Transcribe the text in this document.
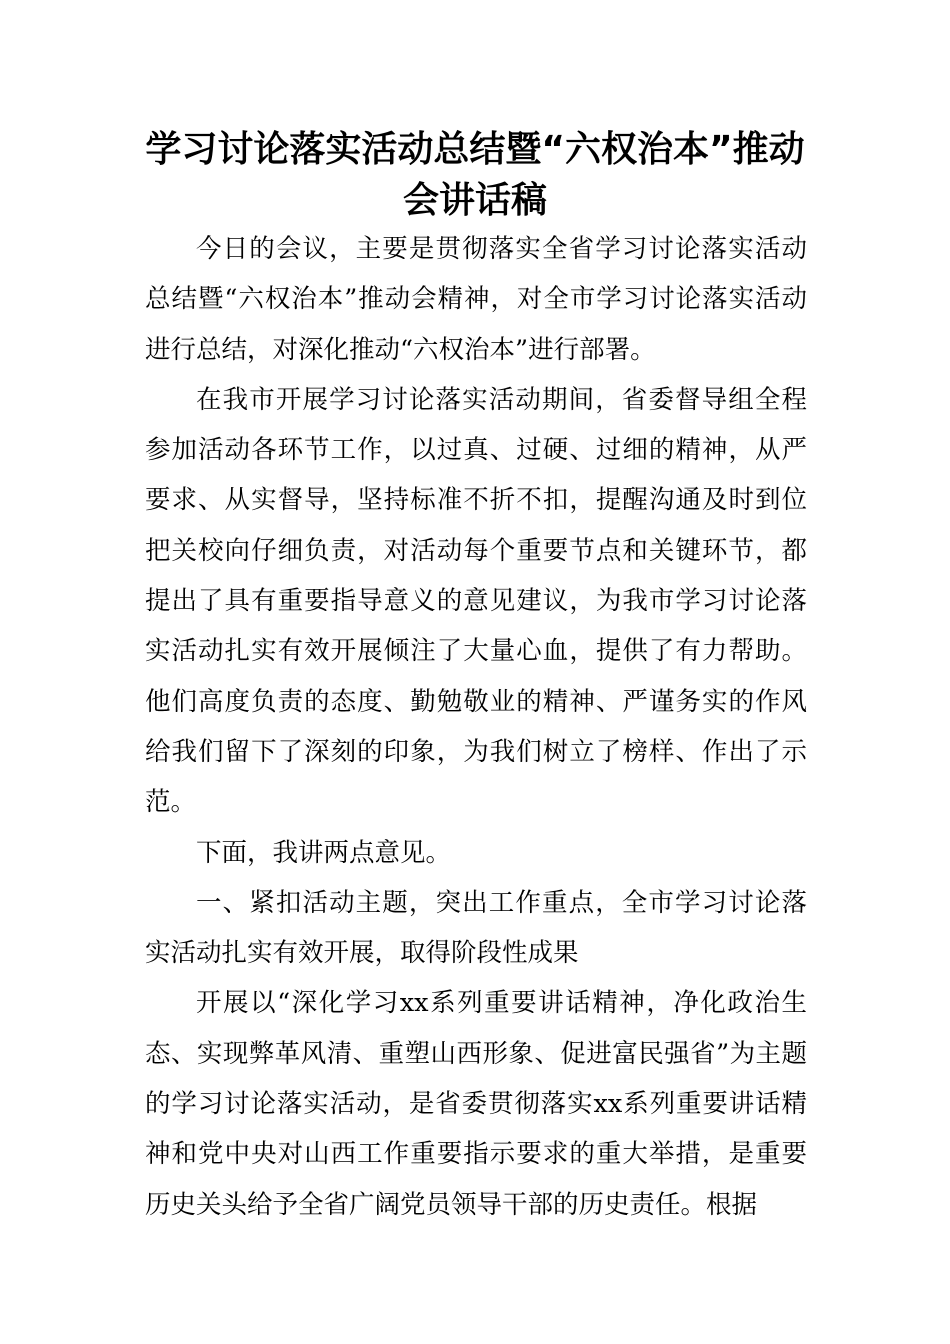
学习讨论落实活动总结暨“六权治本”推动会讲话稿

今日的会议，主要是贯彻落实全省学习讨论落实活动总结暨“六权治本”推动会精神，对全市学习讨论落实活动进行总结，对深化推动“六权治本”进行部署。

在我市开展学习讨论落实活动期间，省委督导组全程参加活动各环节工作，以过真、过硬、过细的精神，从严要求、从实督导，坚持标准不折不扣，提醒沟通及时到位把关校向仔细负责，对活动每个重要节点和关键环节，都提出了具有重要指导意义的意见建议，为我市学习讨论落实活动扎实有效开展倾注了大量心血，提供了有力帮助。他们高度负责的态度、勤勉敬业的精神、严谨务实的作风给我们留下了深刻的印象，为我们树立了榜样、作出了示范。

下面，我讲两点意见。

一、紧扣活动主题，突出工作重点，全市学习讨论落实活动扎实有效开展，取得阶段性成果

开展以“深化学习xx系列重要讲话精神，净化政治生态、实现弊革风清、重塑山西形象、促进富民强省”为主题的学习讨论落实活动，是省委贯彻落实xx系列重要讲话精神和党中央对山西工作重要指示要求的重大举措，是重要历史关头给予全省广阔党员领导干部的历史责任。根据
